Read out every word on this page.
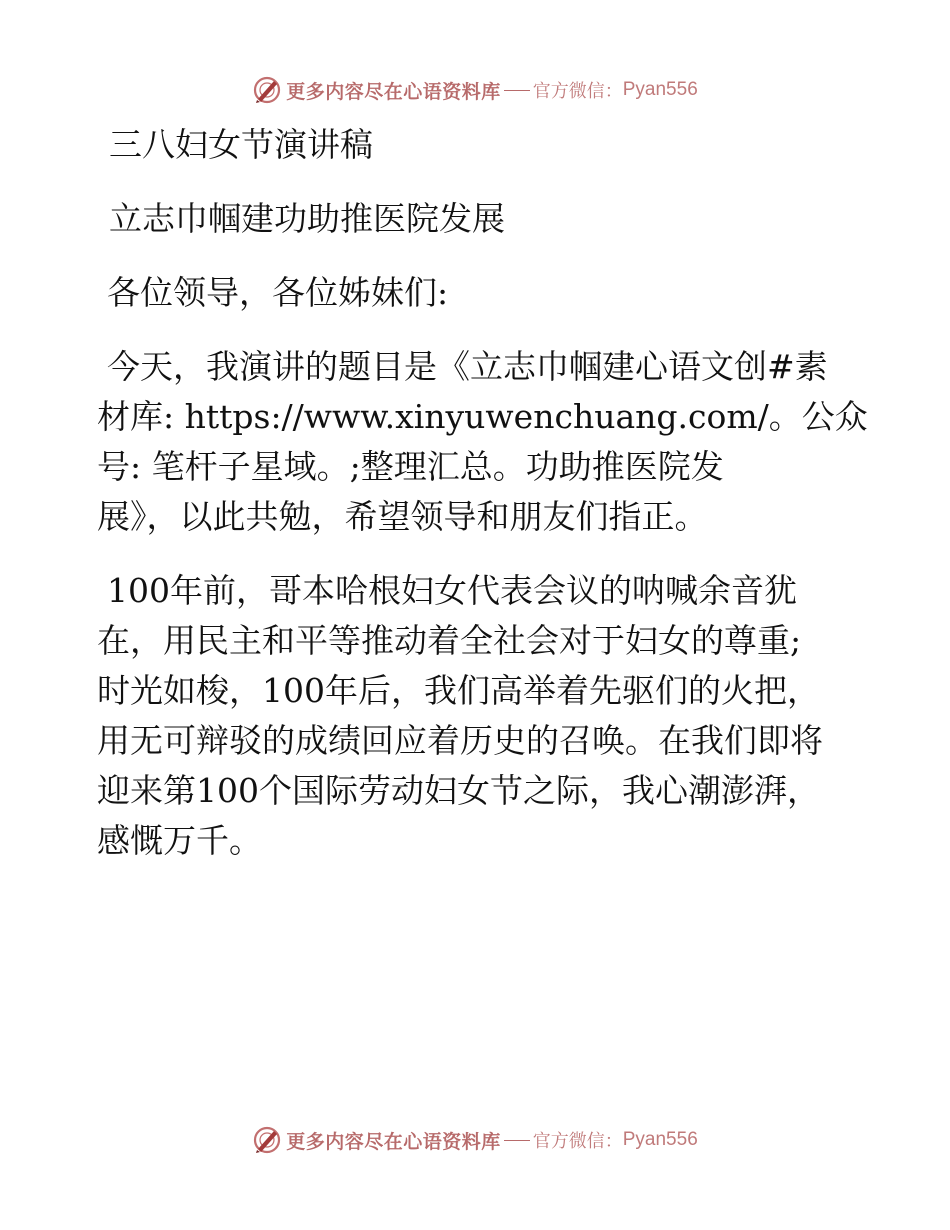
更多内容尽在心语资料库 官方微信： Pyan556

三八妇女节演讲稿

立志巾帼建功助推医院发展

各位领导，各位姊妹们:

今天，我演讲的题目是《立志巾帼建心语文创#素

材库: https://www.xinyuwenchuang.com/。公众

号: 笔杆子星域。;整理汇总。功助推医院发

展》，以此共勉，希望领导和朋友们指正。

100年前，哥本哈根妇女代表会议的呐喊余音犹

在，用民主和平等推动着全社会对于妇女的尊重;

时光如梭，100年后，我们高举着先驱们的火把，

用无可辩驳的成绩回应着历史的召唤。在我们即将

迎来第100个国际劳动妇女节之际，我心潮澎湃，

感慨万千。

更多内容尽在心语资料库 官方微信： Pyan556
